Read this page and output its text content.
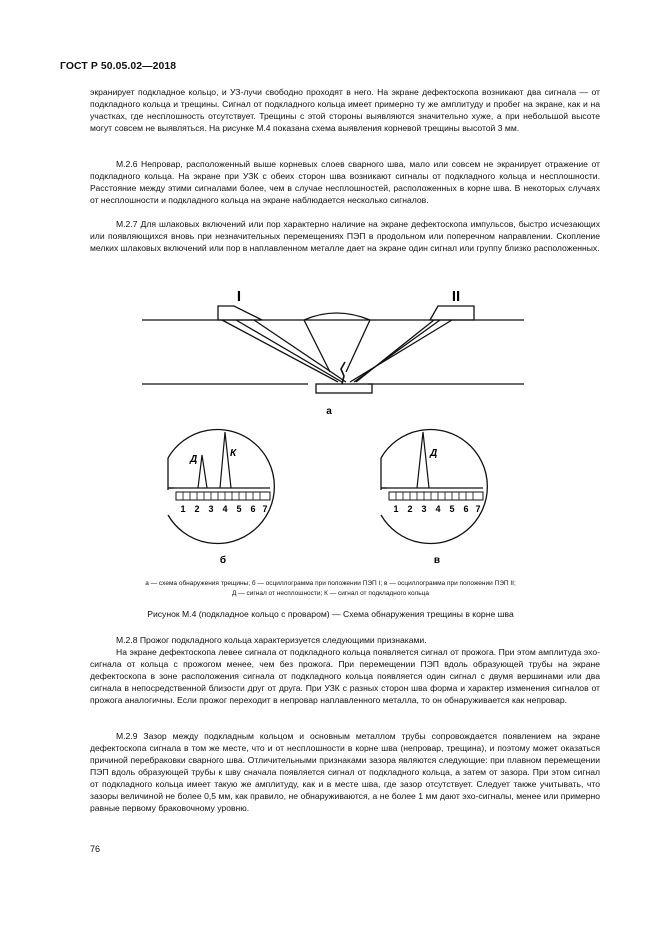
ГОСТ Р 50.05.02—2018

экранирует подкладное кольцо, и УЗ-лучи свободно проходят в него. На экране дефектоскопа возникают два сигнала — от подкладного кольца и трещины. Сигнал от подкладного кольца имеет примерно ту же амплитуду и пробег на экране, как и на участках, где несплошность отсутствует. Трещины с этой стороны выявляются значительно хуже, а при небольшой высоте могут совсем не выявляться. На рисунке М.4 показана схема выявления корневой трещины высотой 3 мм.

М.2.6 Непровар, расположенный выше корневых слоев сварного шва, мало или совсем не экранирует отражение от подкладного кольца. На экране при УЗК с обеих сторон шва возникают сигналы от подкладного кольца и несплошности. Расстояние между этими сигналами более, чем в случае несплошностей, расположенных в корне шва. В некоторых случаях от несплошности и подкладного кольца на экране наблюдается несколько сигналов.

М.2.7 Для шлаковых включений или пор характерно наличие на экране дефектоскопа импульсов, быстро исчезающих или появляющихся вновь при незначительных перемещениях ПЭП в продольном или поперечном направлении. Скопление мелких шлаковых включений или пор в наплавленном металле дает на экране один сигнал или группу близко расположенных.

I	II
а
1 2 3 4 5 6 7
Д
К
б
1 2 3 4 5 6 7
Д
в
а — схема обнаружения трещины; б — осциллограмма при положении ПЭП I; в — осциллограмма при положении ПЭП II;
Д — сигнал от несплошности; К — сигнал от подкладного кольца
Рисунок М.4 (подкладное кольцо с проваром) — Схема обнаружения трещины в корне шва

М.2.8 Прожог подкладного кольца характеризуется следующими признаками.

На экране дефектоскопа левее сигнала от подкладного кольца появляется сигнал от прожога. При этом амплитуда эхо-сигнала от кольца с прожогом менее, чем без прожога. При перемещении ПЭП вдоль образующей трубы на экране дефектоскопа в зоне расположения сигнала от подкладного кольца появляется один сигнал с двумя вершинами или два сигнала в непосредственной близости друг от друга. При УЗК с разных сторон шва форма и характер изменения сигналов от прожога аналогичны. Если прожог переходит в непровар наплавленного металла, то он обнаруживается как непровар.

М.2.9 Зазор между подкладным кольцом и основным металлом трубы сопровождается появлением на экране дефектоскопа сигнала в том же месте, что и от несплошности в корне шва (непровар, трещина), и поэтому может оказаться причиной перебраковки сварного шва. Отличительными признаками зазора являются следующие: при плавном перемещении ПЭП вдоль образующей трубы к шву сначала появляется сигнал от подкладного кольца, а затем от зазора. При этом сигнал от подкладного кольца имеет такую же амплитуду, как и в месте шва, где зазор отсутствует. Следует также учитывать, что зазоры величиной не более 0,5 мм, как правило, не обнаруживаются, а не более 1 мм дают эхо-сигналы, менее или примерно равные первому браковочному уровню.

76
